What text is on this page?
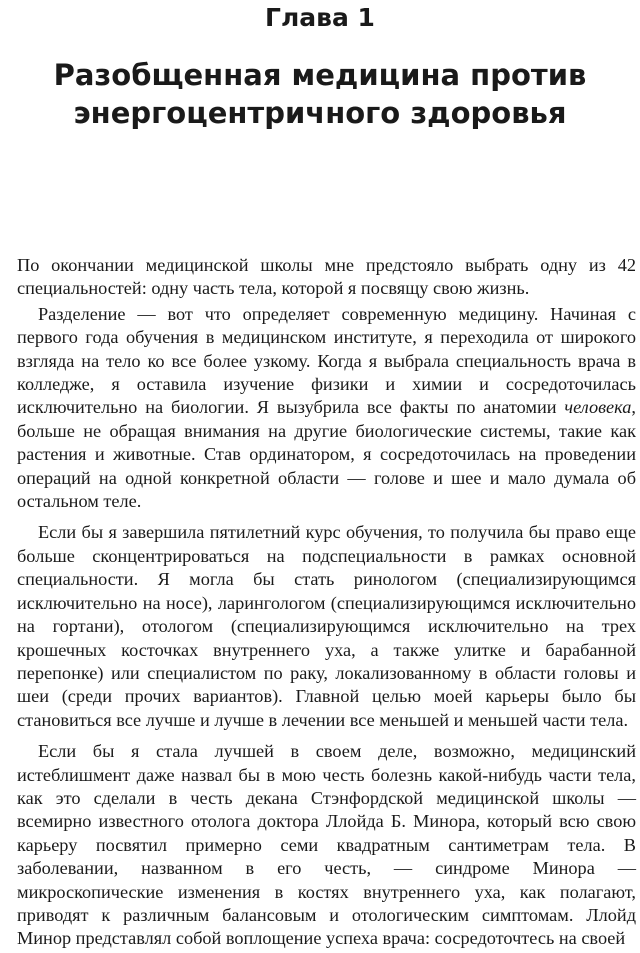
Глава 1
Разобщенная медицина против
энергоцентричного здоровья

По окончании медицинской школы мне предстояло выбрать одну из 42 специальностей: одну часть тела, которой я посвящу свою жизнь.

Разделение — вот что определяет современную медицину. Начиная с первого года обучения в медицинском институте, я переходила от широкого взгляда на тело ко все более узкому. Когда я выбрала специальность врача в колледже, я оставила изучение физики и химии и сосредоточилась исключительно на биологии. Я вызубрила все факты по анатомии человека, больше не обращая внимания на другие биологические системы, такие как растения и животные. Став ординатором, я сосредоточилась на проведении операций на одной конкретной области — голове и шее и мало думала об остальном теле.

Если бы я завершила пятилетний курс обучения, то получила бы право еще больше сконцентрироваться на подспециальности в рамках основной специальности. Я могла бы стать ринологом (специализирующимся исключительно на носе), ларингологом (специализирующимся исключительно на гортани), отологом (специализирующимся исключительно на трех крошечных косточках внутреннего уха, а также улитке и барабанной перепонке) или специалистом по раку, локализованному в области головы и шеи (среди прочих вариантов). Главной целью моей карьеры было бы становиться все лучше и лучше в лечении все меньшей и меньшей части тела.

Если бы я стала лучшей в своем деле, возможно, медицинский истеблишмент даже назвал бы в мою честь болезнь какой-нибудь части тела, как это сделали в честь декана Стэнфордской медицинской школы — всемирно известного отолога доктора Ллойда Б. Минора, который всю свою карьеру посвятил примерно семи квадратным сантиметрам тела. В заболевании, названном в его честь, — синдроме Минора — микроскопические изменения в костях внутреннего уха, как полагают, приводят к различным балансовым и отологическим симптомам. Ллойд Минор представлял собой воплощение успеха врача: сосредоточтесь на своей
